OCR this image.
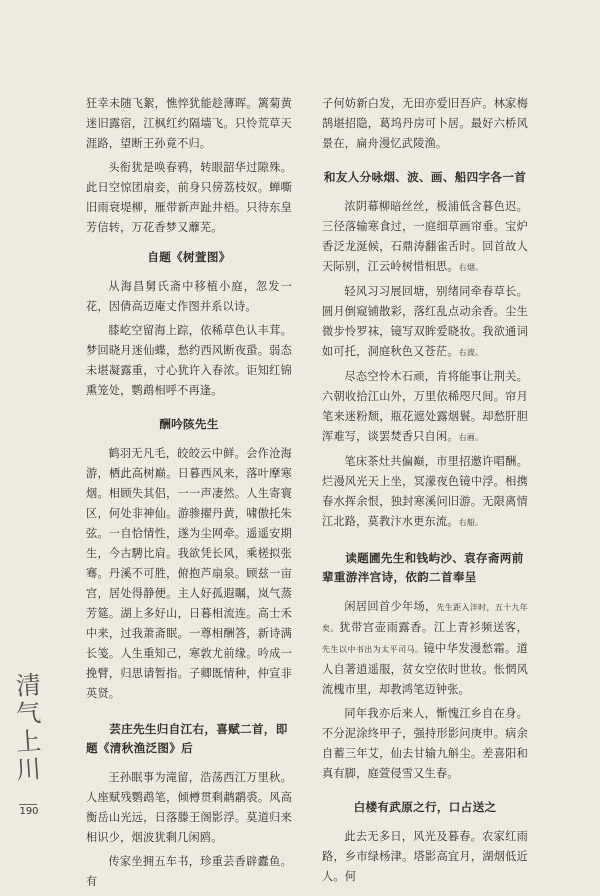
狂幸未随飞絮，憔悴犹能趁薄晖。篱菊黄迷旧露宿，江枫红约隔墙飞。只怜荒草天涯路，望断王孙竟不归。

头衔犹是唤春鸦，转眼韶华过隙殊。此日空惊团扇妾，前身只傍荔枝奴。蝉嘶旧雨衰堤柳，雁带新声趾井梧。只待东皇芳信转，万花香梦又蘼芜。

自题《树萱图》

从海昌舅氏斋中移植小庭，忽发一花，因倩高迈庵丈作图并系以诗。

膝屹空留海上踪，依稀草色认丰茸。梦回晓月迷仙蝶，愁约西风断夜蛩。弱态未堪凝露重，寸心犹许入春浓。讵知红锦熏笼处，鹦鹉相呼不再逢。

酬吟陔先生

鹤羽无凡毛，皎皎云中鲜。会作沧海游，栖此高树巅。日暮西风来，落叶摩寒烟。相顾失其侣，一一声凄然。人生寄寰区，何处非神仙。游骖擢丹黄，啸傲托朱弦。一自恰情性，遂为尘网牵。遥遥安期生，今古騁比肩。我欲凭长风，乘槎拟张骞。丹溪不可胜，俯抱芦扇泉。顾兹一亩宫，居处得静便。主人好孤遐瞩，岚气蒸芳筵。湖上多好山，日暮相流连。高士禾中来，过我萧斋眠。一尊相酬答，新诗满长笺。人生重知己，寒敦尤前缘。吟成一挽臂，归思请暂指。子卿既情种，仲宣非英贤。

芸庄先生归自江右，喜赋二首，即题《清秋渔泛图》后

王孙眠事为滝留，浩荡西江万里秋。人座赋残鹦鹉笔，倾樽贯剩鹔鹴裘。风高衡岳山光远，日落滕王阁影浮。莫道归来相识少，烟波犹剩几闲鸥。

传家坐拥五车书，珍重芸香辟蠹鱼。有

子何妨新白发，无田亦爱旧吾庐。林家梅鹄堪招隐，葛坞丹房可卜居。最好六桥风景在，扁舟漫忆武陵渔。

和友人分咏烟、波、画、船四字各一首

浓阴幕柳暗丝丝，极浦低含暮色迟。三径落输寒食过，一庭细草画帘垂。宝炉香泛龙涎候，石鼎涛翻雀舌时。回首故人天际别，江云岭树惜相思。右烟。

轻风习习展回塘，别绪同牵春草长。圆月倒窥铺散彩，落红乱点动余香。尘生微步怜罗袜，镜写双眸爱晓妆。我欲通词如可托，洞庭秋色又苍茫。右波。

尽态空怜木石顽，肯将能事让荆关。六朝收拾江山外，万里依稀咫尺间。帘月笔来迷粉颓，瓶花遮处露烟鬟。却愁肝胆浑难写，谈罢焚香只自闲。右画。

笔床茶灶共偏巅，市里招邀许唱酬。烂漫风光天上坐，冥濛夜色镜中浮。相携春水挥余恨，独封寒溪问旧游。无限离情江北路，莫教汴水更东流。右船。

读题圃先生和钱屿沙、袁存斋两前辈重游泮宫诗，依韵二首奉呈

闲居回首少年场，先生距入泮时，五十九年矣。犹带宫壶雨露香。江上青衫频送客，先生以中书出为太平司马。镜中华发漫愁霜。道人自著逍遥服，贫女空依时世妆。怅惘风流槐市里，却教鸿笔迈钟张。

同年我亦后来人，惭愧江乡自在身。不分泥涂终甲子，强持形影问庚申。病余自蓄三年艾，仙去甘输九斛尘。差喜阳和真有脚，庭萱侵雪又生春。

白楼有武原之行，口占送之

此去无多日，风光及暮春。农家红雨路，乡市绿杨津。塔影高宜月，湖烟低近人。何

清
气
上
川
190
